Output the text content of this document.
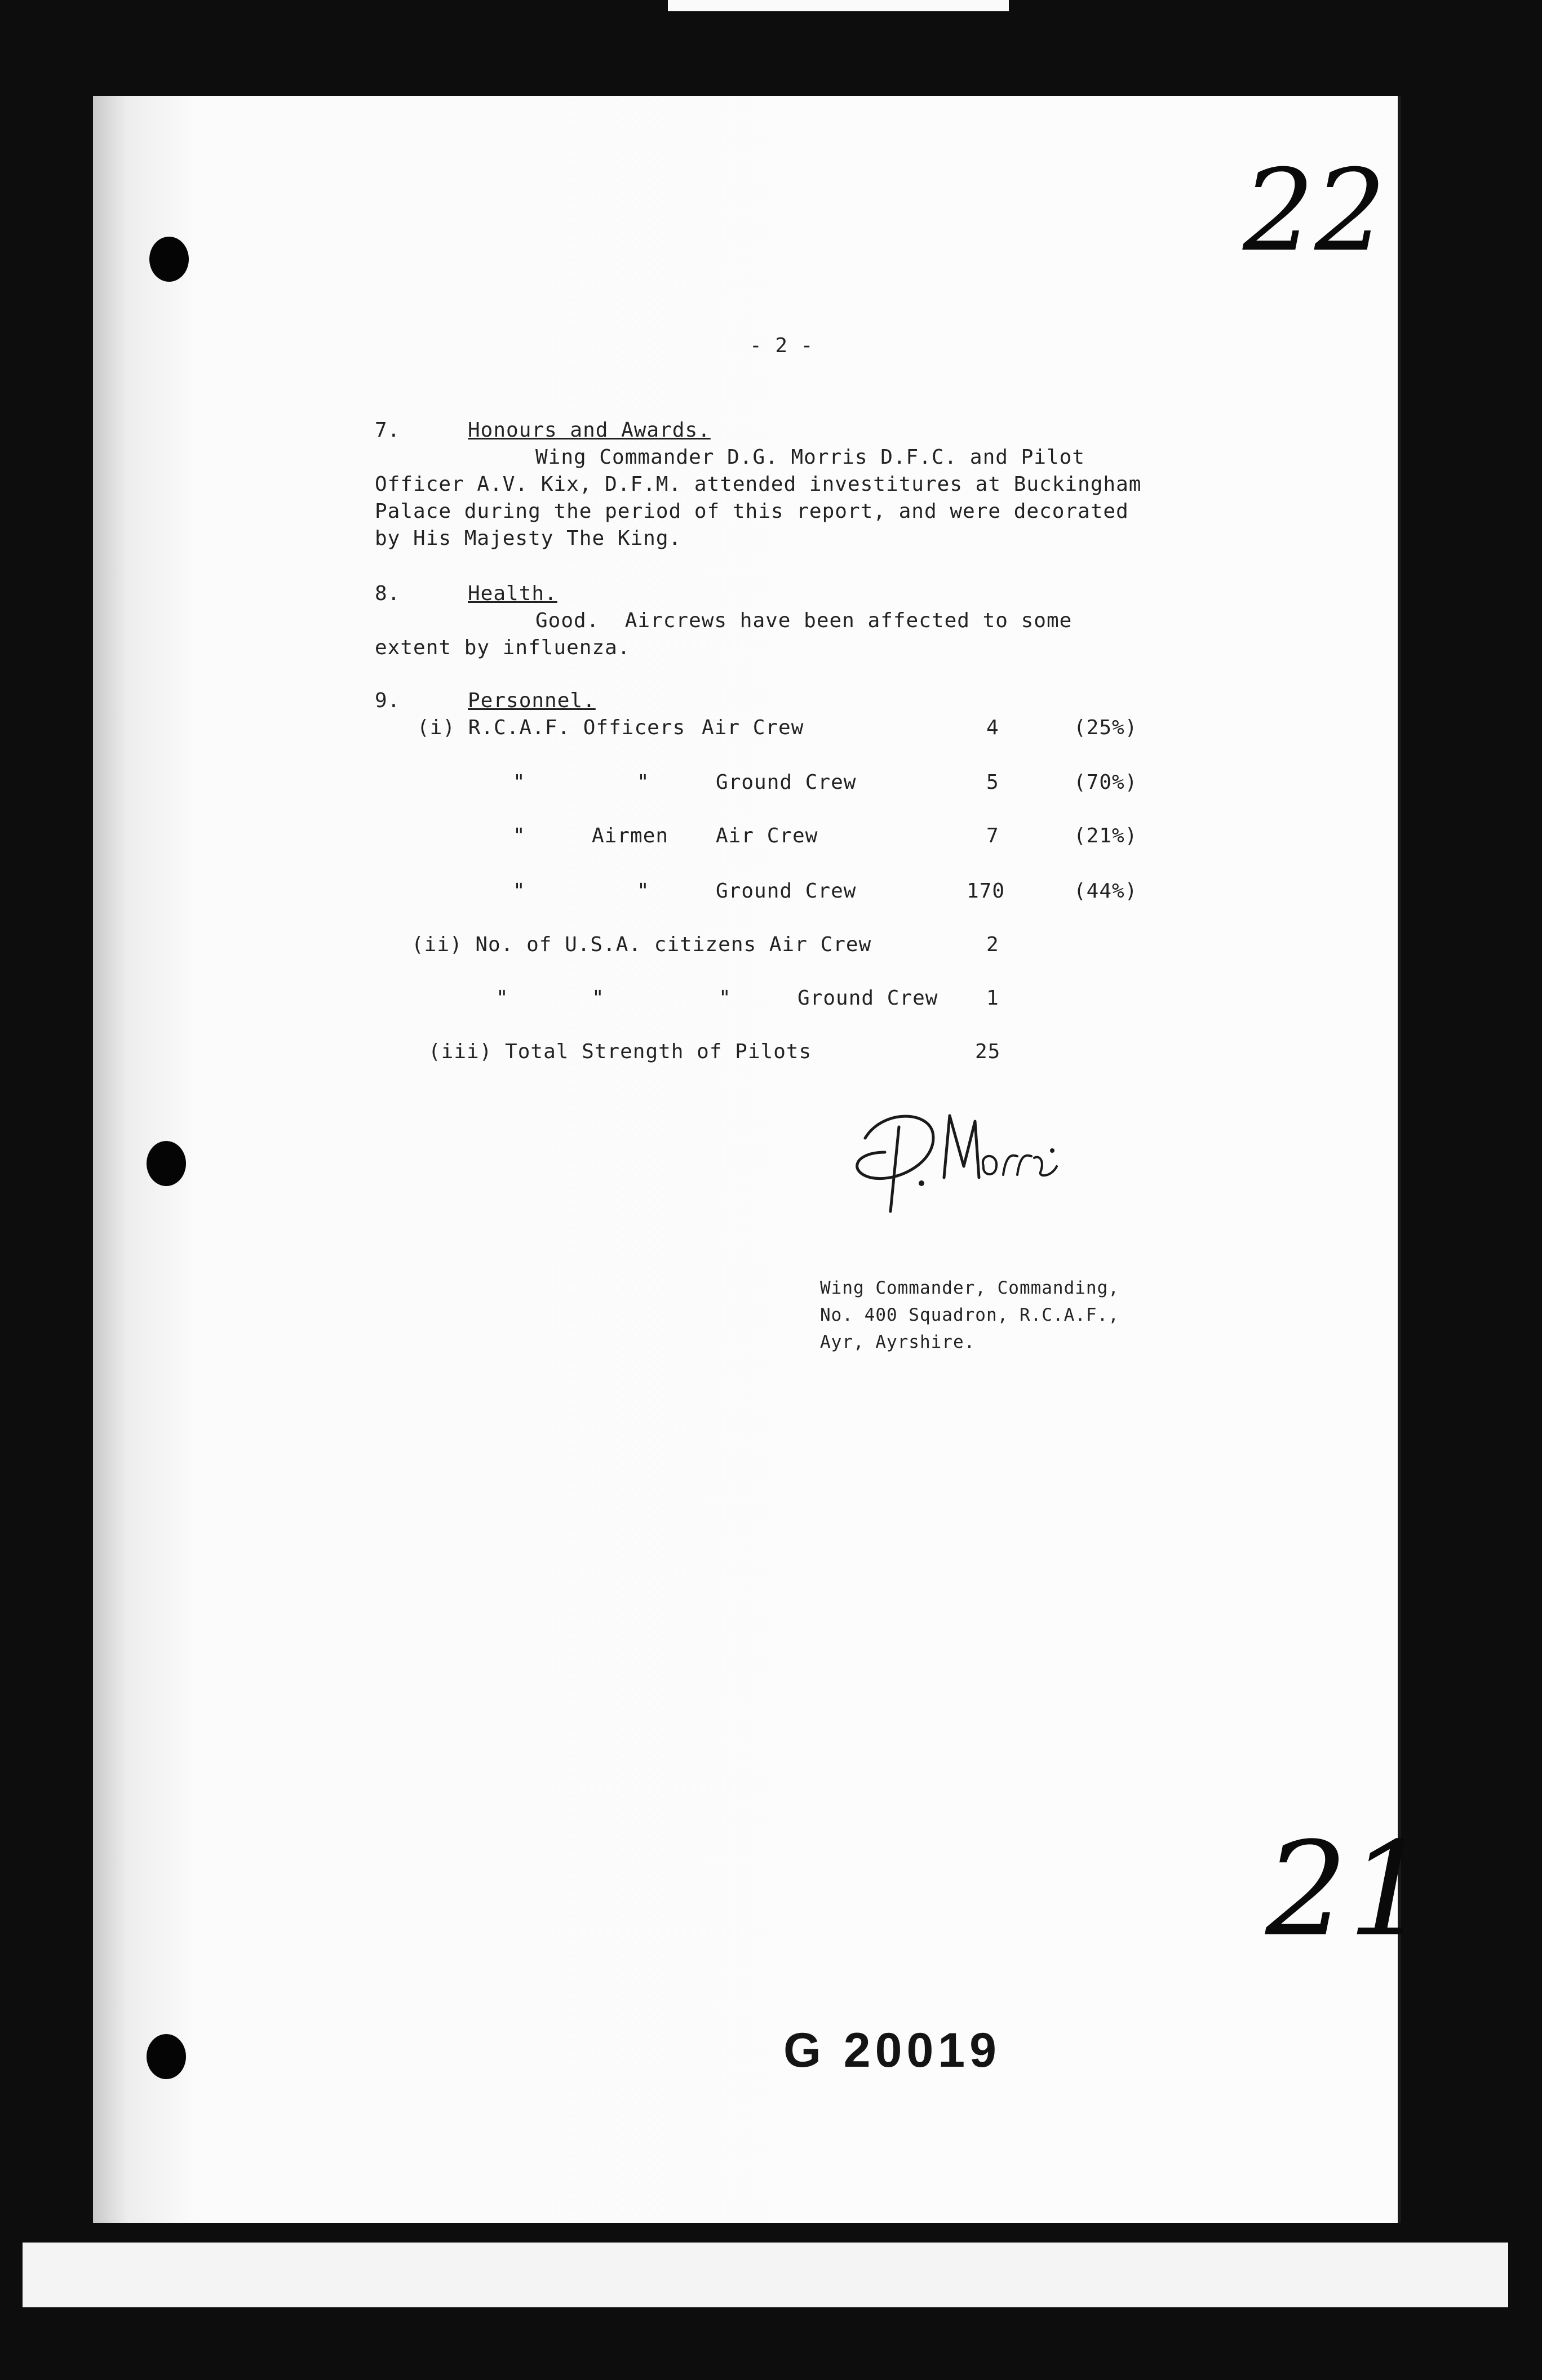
22
- 2 -
7.	Honours and Awards.
Wing Commander D.G. Morris D.F.C. and Pilot
Officer A.V. Kix, D.F.M. attended investitures at Buckingham
Palace during the period of this report, and were decorated
by His Majesty The King.
8.	Health.
Good.  Aircrews have been affected to some
extent by influenza.
9.	Personnel.
(i) R.C.A.F. Officers Air Crew	4	(25%)
"	"	Ground Crew	5	(70%)
"	Airmen Air Crew	7	(21%)
"	"	Ground Crew	170	(44%)
(ii) No. of U.S.A. citizens Air Crew	2
"	"	"	Ground Crew 1
(iii) Total Strength of Pilots	25
Wing Commander, Commanding,
No. 400 Squadron, R.C.A.F.,
Ayr, Ayrshire.
21
G 20019
